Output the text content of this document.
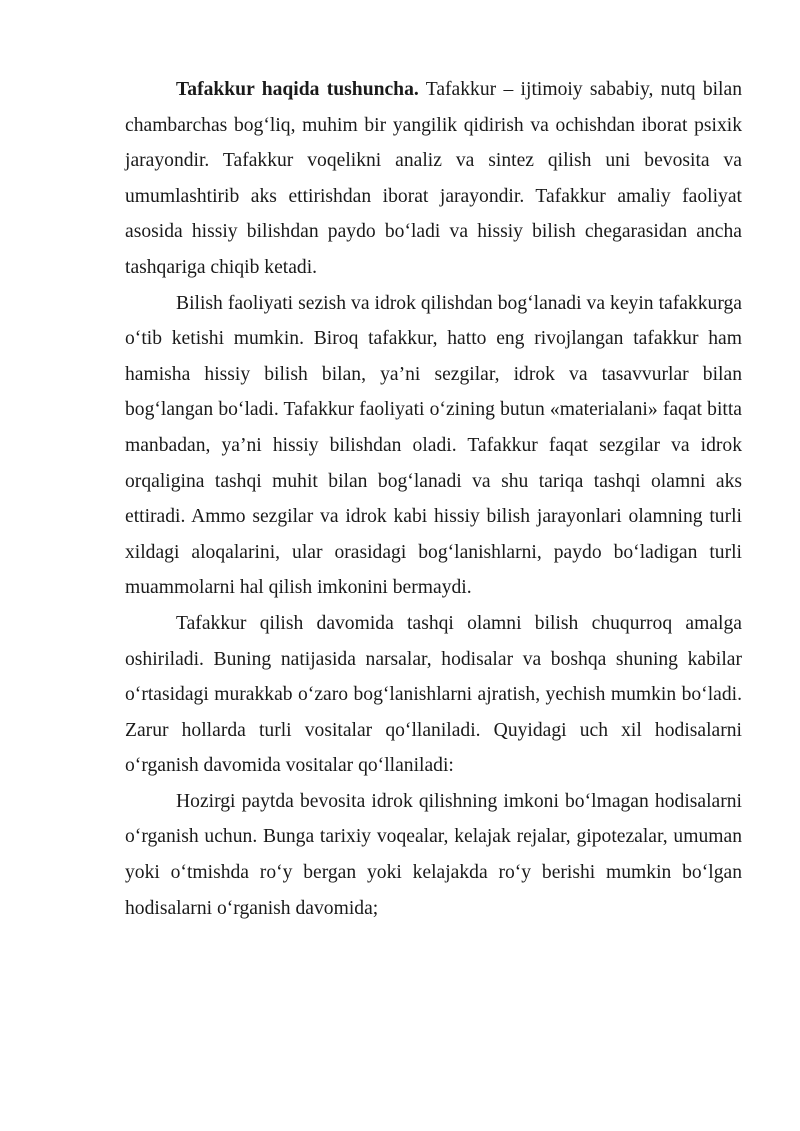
Tafakkur haqida tushuncha. Tafakkur – ijtimoiy sababiy, nutq bilan chambarchas bog‘liq, muhim bir yangilik qidirish va ochishdan iborat psixik jarayondir. Tafakkur voqelikni analiz va sintez qilish uni bevosita va umumlashtirib aks ettirishdan iborat jarayondir. Tafakkur amaliy faoliyat asosida hissiy bilishdan paydo bo‘ladi va hissiy bilish chegarasidan ancha tashqariga chiqib ketadi.

Bilish faoliyati sezish va idrok qilishdan bog‘lanadi va keyin tafakkurga o‘tib ketishi mumkin. Biroq tafakkur, hatto eng rivojlangan tafakkur ham hamisha hissiy bilish bilan, ya’ni sezgilar, idrok va tasavvurlar bilan bog‘langan bo‘ladi. Tafakkur faoliyati o‘zining butun «materialani» faqat bitta manbadan, ya’ni hissiy bilishdan oladi. Tafakkur faqat sezgilar va idrok orqaligina tashqi muhit bilan bog‘lanadi va shu tariqa tashqi olamni aks ettiradi. Ammo sezgilar va idrok kabi hissiy bilish jarayonlari olamning turli xildagi aloqalarini, ular orasidagi bog‘lanishlarni, paydo bo‘ladigan turli muammolarni hal qilish imkonini bermaydi.

Tafakkur qilish davomida tashqi olamni bilish chuqurroq amalga oshiriladi. Buning natijasida narsalar, hodisalar va boshqa shuning kabilar o‘rtasidagi murakkab o‘zaro bog‘lanishlarni ajratish, yechish mumkin bo‘ladi. Zarur hollarda turli vositalar qo‘llaniladi. Quyidagi uch xil hodisalarni o‘rganish davomida vositalar qo‘llaniladi:

Hozirgi paytda bevosita idrok qilishning imkoni bo‘lmagan hodisalarni o‘rganish uchun. Bunga tarixiy voqealar, kelajak rejalar, gipotezalar, umuman yoki o‘tmishda ro‘y bergan yoki kelajakda ro‘y berishi mumkin bo‘lgan hodisalarni o‘rganish davomida;
